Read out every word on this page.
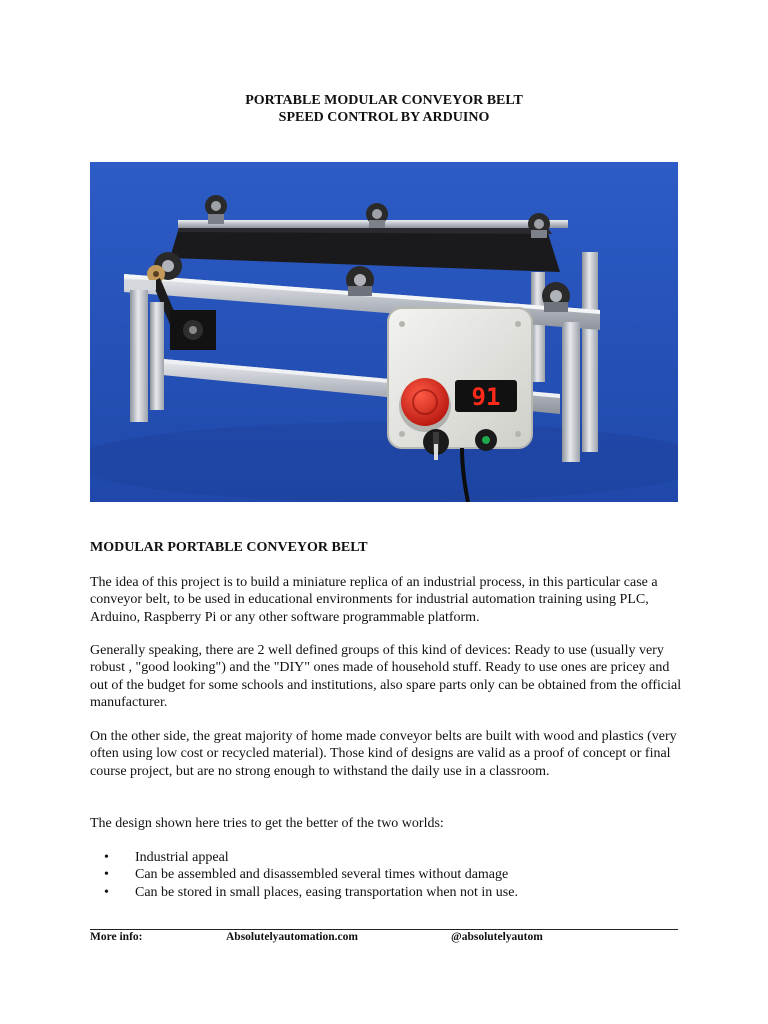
PORTABLE MODULAR CONVEYOR BELT
SPEED CONTROL BY ARDUINO
91
MODULAR PORTABLE CONVEYOR BELT

The idea of this project is to build a miniature replica of an industrial process, in this particular case a conveyor belt, to be used in educational environments for industrial automation training using PLC, Arduino, Raspberry Pi or any other software programmable platform.

Generally speaking, there are 2 well defined groups of this kind of devices: Ready to use (usually very robust , "good looking") and the "DIY" ones made of household stuff. Ready to use ones are pricey and out of the budget for some schools and institutions, also spare parts only can be obtained from the official manufacturer.

On the other side, the great majority of home made conveyor belts are built with wood and plastics (very often using low cost or recycled material). Those kind of designs are valid as a proof of concept or final course project, but are no strong enough to withstand the daily use in a classroom.

The design shown here tries to get the better of the two worlds:

• Industrial appeal
• Can be assembled and disassembled several times without damage
• Can be stored in small places, easing transportation when not in use.
More info:	Absolutelyautomation.com	@absolutelyautom
